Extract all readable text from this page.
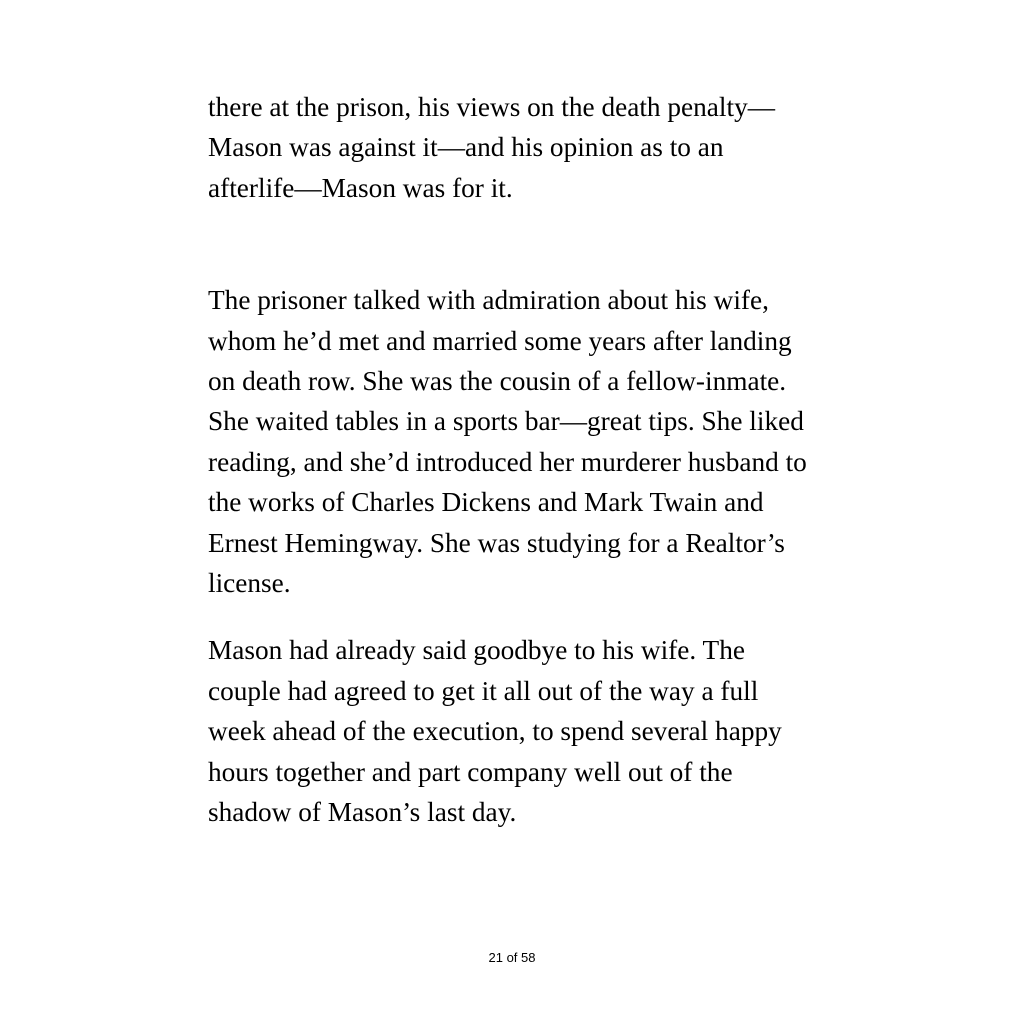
there at the prison, his views on the death penalty—Mason was against it—and his opinion as to an afterlife—Mason was for it.

The prisoner talked with admiration about his wife, whom he’d met and married some years after landing on death row. She was the cousin of a fellow-inmate. She waited tables in a sports bar—great tips. She liked reading, and she’d introduced her murderer husband to the works of Charles Dickens and Mark Twain and Ernest Hemingway. She was studying for a Realtor’s license.

Mason had already said goodbye to his wife. The couple had agreed to get it all out of the way a full week ahead of the execution, to spend several happy hours together and part company well out of the shadow of Mason’s last day.

21 of 58
